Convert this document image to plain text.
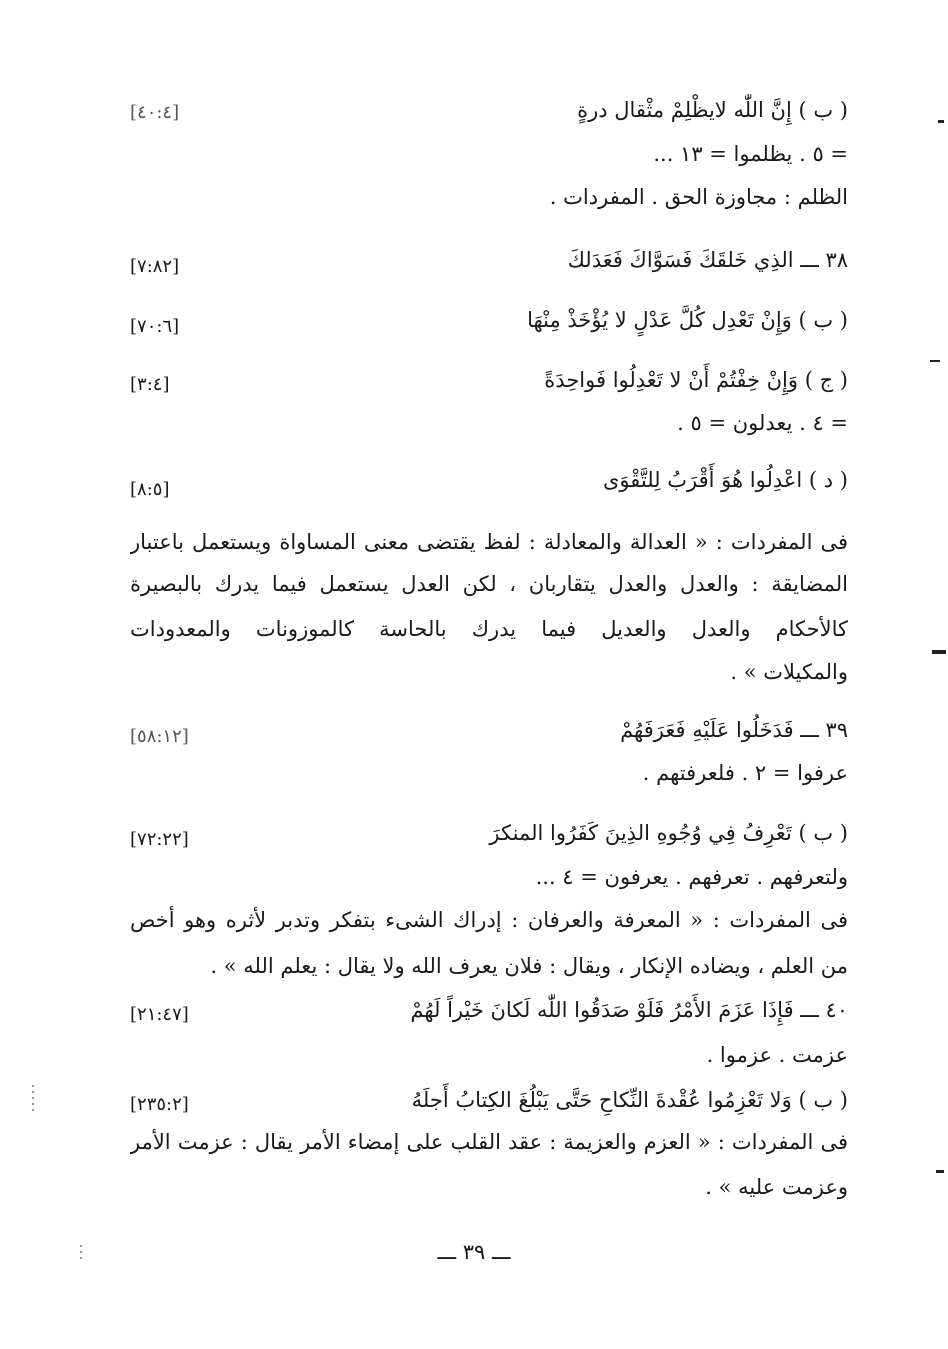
( ب ) إِنَّ اللّٰه لايظْلِمْ مثْقال درةٍ
[٤٠:٤]
= ٥ . يظلموا = ١٣ ...
الظلم : مجاوزة الحق . المفردات .
٣٨ ـــ الذِي خَلقَكَ فَسَوَّاكَ فَعَدَلكَ
[٧:٨٢]
( ب ) وَإِنْ تَعْدِل كُلَّ عَدْلٍ لا يُؤْخَذْ مِنْهَا
[٧٠:٦]
( ج ) وَإِنْ خِفْتُمْ أَنْ لا تَعْدِلُوا فَواحِدَةً
[٣:٤]
= ٤ . يعدلون = ٥ .
( د ) اعْدِلُوا هُوَ أَقْرَبُ لِلتَّقْوَى
[٨:٥]
فى المفردات : « العدالة والمعادلة : لفظ يقتضى معنى المساواة ويستعمل باعتبار
المضايقة : والعدل والعدل يتقاربان ، لكن العدل يستعمل فيما يدرك بالبصيرة
كالأحكام والعدل والعديل فيما يدرك بالحاسة كالموزونات والمعدودات
والمكيلات » .
٣٩ ـــ فَدَخَلُوا عَلَيْهِ فَعَرَفَهُمْ
[٥٨:١٢]
عرفوا = ٢ . فلعرفتهم .
( ب ) تَعْرِفُ فِي وُجُوهِ الذِينَ كَفَرُوا المنكرَ
[٧٢:٢٢]
ولتعرفهم . تعرفهم . يعرفون = ٤ ...
فى المفردات : « المعرفة والعرفان : إدراك الشىء بتفكر وتدبر لأثره وهو أخص
من العلم ، ويضاده الإنكار ، ويقال : فلان يعرف الله ولا يقال : يعلم الله » .
٤٠ ـــ فَإِذَا عَزَمَ الأَمْرُ فَلَوْ صَدَقُوا اللّٰه لَكانَ خَيْراً لَهُمْ
[٢١:٤٧]
عزمت . عزموا .
( ب ) وَلا تَعْزِمُوا عُقْدةَ النِّكاحِ حَتَّى يَبْلُغَ الكِتابُ أَجلَهُ
[٢٣٥:٢]
فى المفردات : « العزم والعزيمة : عقد القلب على إمضاء الأمر يقال : عزمت الأمر
وعزمت عليه » .
ـــ ٣٩ ـــ
